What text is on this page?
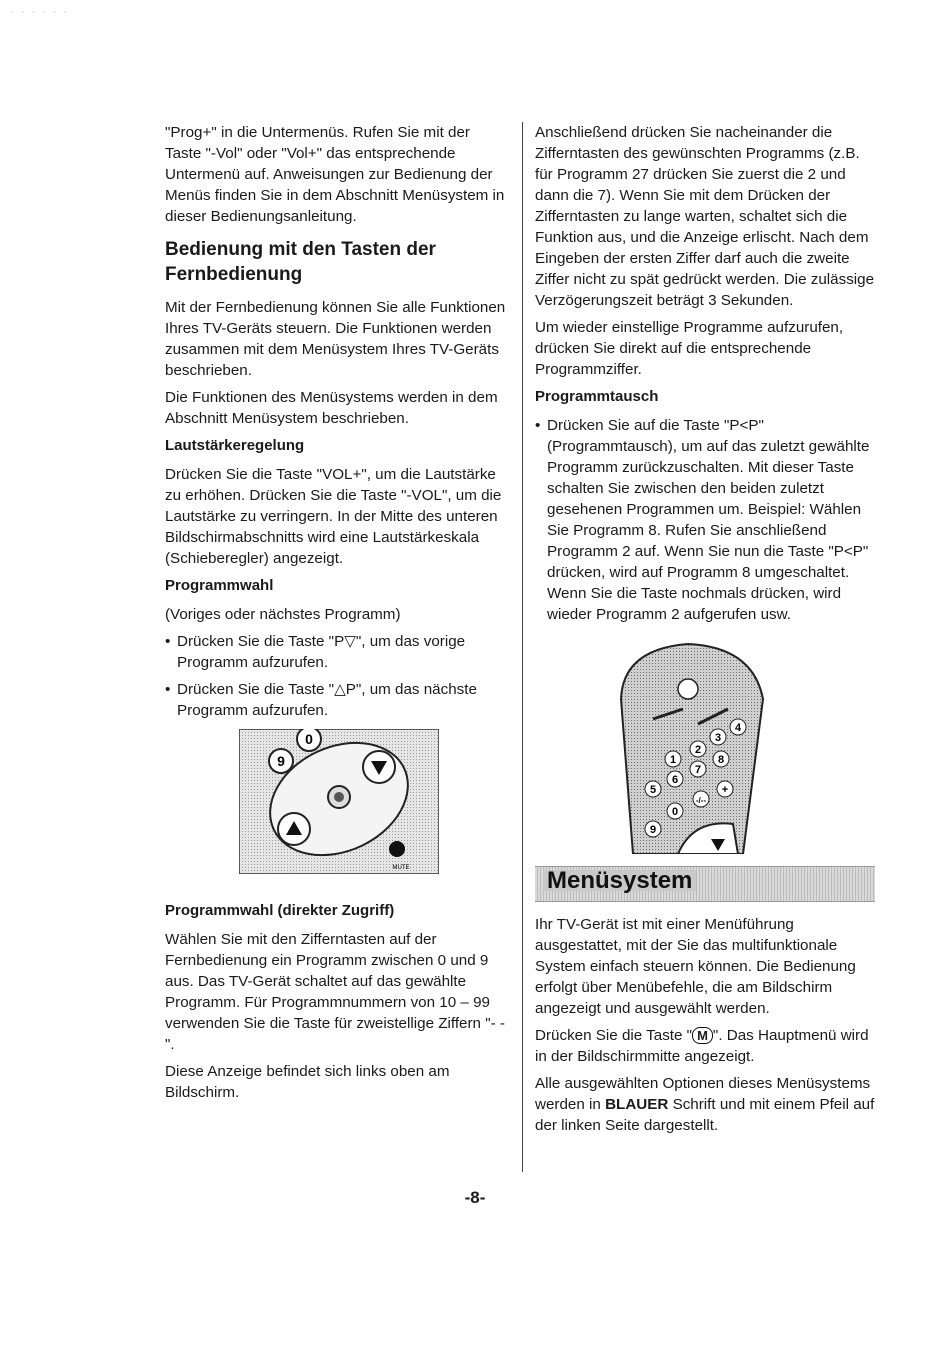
· · · · · ·

"Prog+" in die Untermenüs. Rufen Sie mit der Taste "-Vol" oder "Vol+" das entsprechende Untermenü auf. Anweisungen zur Bedienung der Menüs finden Sie in dem Abschnitt Menüsystem in dieser Bedienungsanleitung.

Bedienung mit den Tasten der Fernbedienung

Mit der Fernbedienung können Sie alle Funktionen Ihres TV-Geräts steuern. Die Funktionen werden zusammen mit dem Menüsystem Ihres TV-Geräts beschrieben.

Die Funktionen des Menüsystems werden in dem Abschnitt Menüsystem beschrieben.

Lautstärkeregelung

Drücken Sie die Taste "VOL+", um die Lautstärke zu erhöhen. Drücken Sie die Taste "-VOL", um die Lautstärke zu verringern. In der Mitte des unteren Bildschirmabschnitts wird eine Lautstärkeskala (Schieberegler) angezeigt.

Programmwahl

(Voriges oder nächstes Programm)

• Drücken Sie die Taste "P▽", um das vorige Programm aufzurufen.
• Drücken Sie die Taste "△P", um das nächste Programm aufzurufen.
0
9
MUTE
Programmwahl (direkter Zugriff)

Wählen Sie mit den Zifferntasten auf der Fernbedienung ein Programm zwischen 0 und 9 aus. Das TV-Gerät schaltet auf das gewählte Programm. Für Programmnummern von 10 – 99 verwenden Sie die Taste für zweistellige Ziffern "- -".

Diese Anzeige befindet sich links oben am Bildschirm.

Anschließend drücken Sie nacheinander die Zifferntasten des gewünschten Programms (z.B. für Programm 27 drücken Sie zuerst die 2 und dann die 7). Wenn Sie mit dem Drücken der Zifferntasten zu lange warten, schaltet sich die Funktion aus, und die Anzeige erlischt. Nach dem Eingeben der ersten Ziffer darf auch die zweite Ziffer nicht zu spät gedrückt werden. Die zulässige Verzögerungszeit beträgt 3 Sekunden.

Um wieder einstellige Programme aufzurufen, drücken Sie direkt auf die entsprechende Programmziffer.

Programmtausch
• Drücken Sie auf die Taste "P<P" (Programmtausch), um auf das zuletzt gewählte Programm zurückzuschalten. Mit dieser Taste schalten Sie zwischen den beiden zuletzt gesehenen Programmen um. Beispiel: Wählen Sie Programm 8. Rufen Sie anschließend Programm 2 auf. Wenn Sie nun die Taste "P<P" drücken, wird auf Programm 8 umgeschaltet. Wenn Sie die Taste nochmals drücken, wird wieder Programm 2 aufgerufen usw.
1
2
3
4
5
6
7
8
9
0
-/--
+
Menüsystem

Ihr TV-Gerät ist mit einer Menüführung ausgestattet, mit der Sie das multifunktionale System einfach steuern können. Die Bedienung erfolgt über Menübefehle, die am Bildschirm angezeigt und ausgewählt werden.

Drücken Sie die Taste " M ". Das Hauptmenü wird in der Bildschirmmitte angezeigt.

Alle ausgewählten Optionen dieses Menüsystems werden in BLAUER Schrift und mit einem Pfeil auf der linken Seite dargestellt.

-8-
